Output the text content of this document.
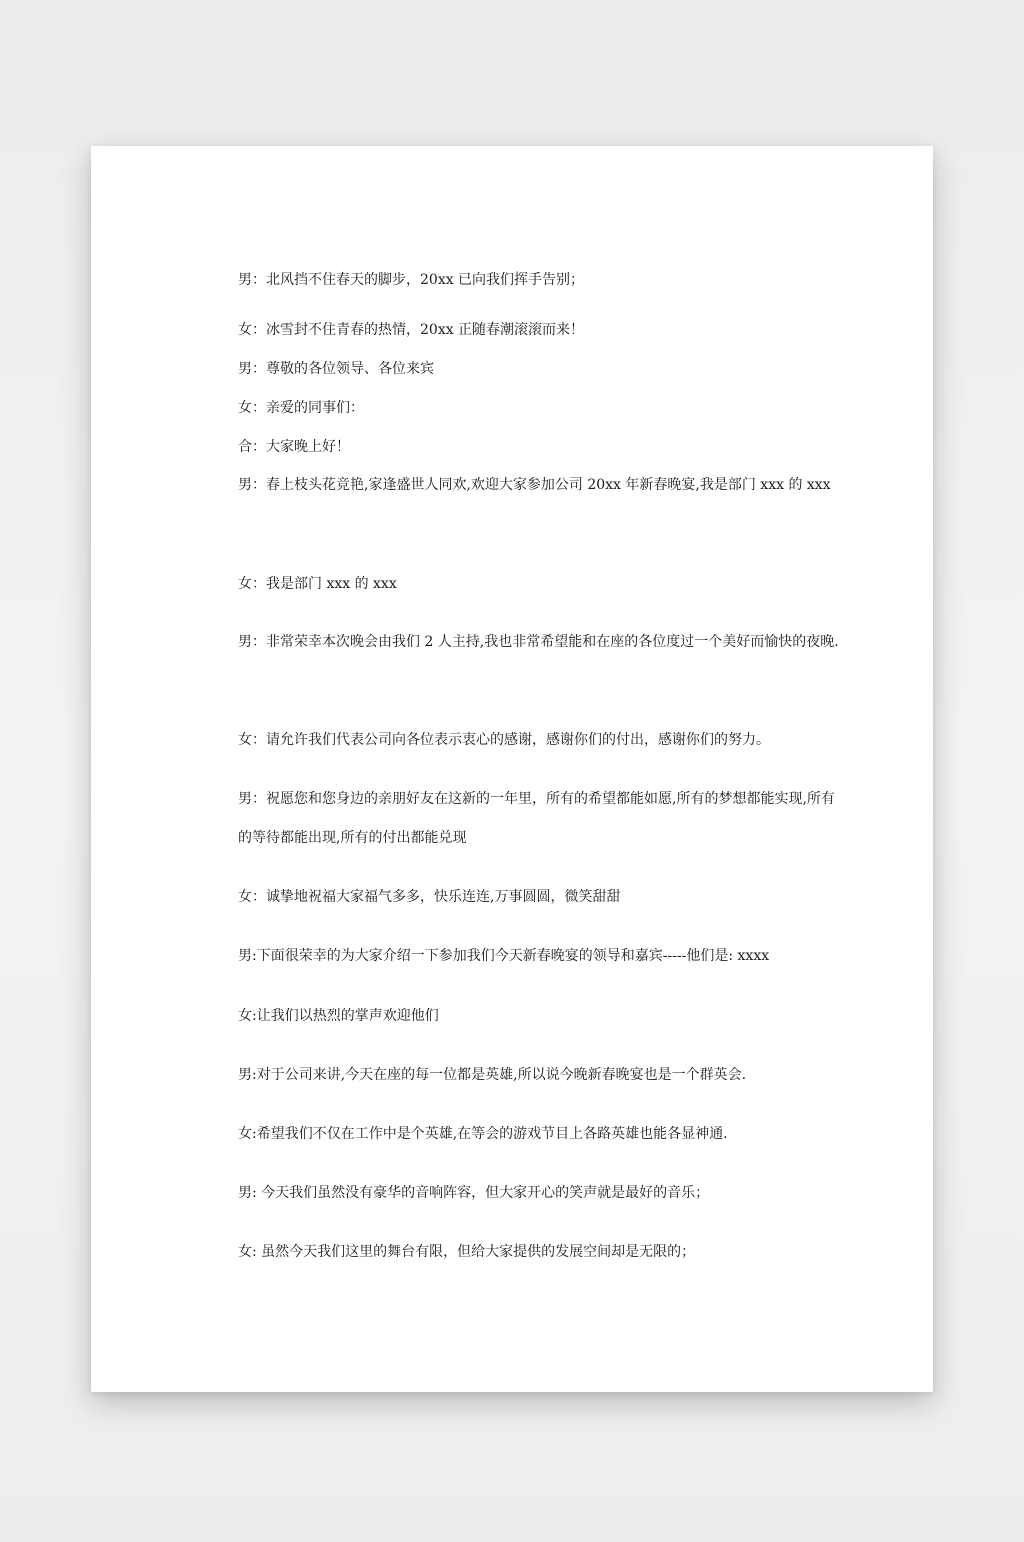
男：北风挡不住春天的脚步，20xx 已向我们挥手告别；
女：冰雪封不住青春的热情，20xx 正随春潮滚滚而来！
男：尊敬的各位领导、各位来宾
女：亲爱的同事们：
合：大家晚上好！
男：春上枝头花竞艳,家逢盛世人同欢,欢迎大家参加公司 20xx 年新春晚宴,我是部门 xxx 的 xxx
女：我是部门 xxx 的 xxx
男：非常荣幸本次晚会由我们 2 人主持,我也非常希望能和在座的各位度过一个美好而愉快的夜晚.
女：请允许我们代表公司向各位表示衷心的感谢，感谢你们的付出，感谢你们的努力。
男：祝愿您和您身边的亲朋好友在这新的一年里，所有的希望都能如愿,所有的梦想都能实现,所有的等待都能出现,所有的付出都能兑现
女：诚挚地祝福大家福气多多，快乐连连,万事圆圆，微笑甜甜
男:下面很荣幸的为大家介绍一下参加我们今天新春晚宴的领导和嘉宾-----他们是: xxxx
女:让我们以热烈的掌声欢迎他们
男:对于公司来讲,今天在座的每一位都是英雄,所以说今晚新春晚宴也是一个群英会.
女:希望我们不仅在工作中是个英雄,在等会的游戏节目上各路英雄也能各显神通.
男: 今天我们虽然没有豪华的音响阵容，但大家开心的笑声就是最好的音乐；
女: 虽然今天我们这里的舞台有限，但给大家提供的发展空间却是无限的；
